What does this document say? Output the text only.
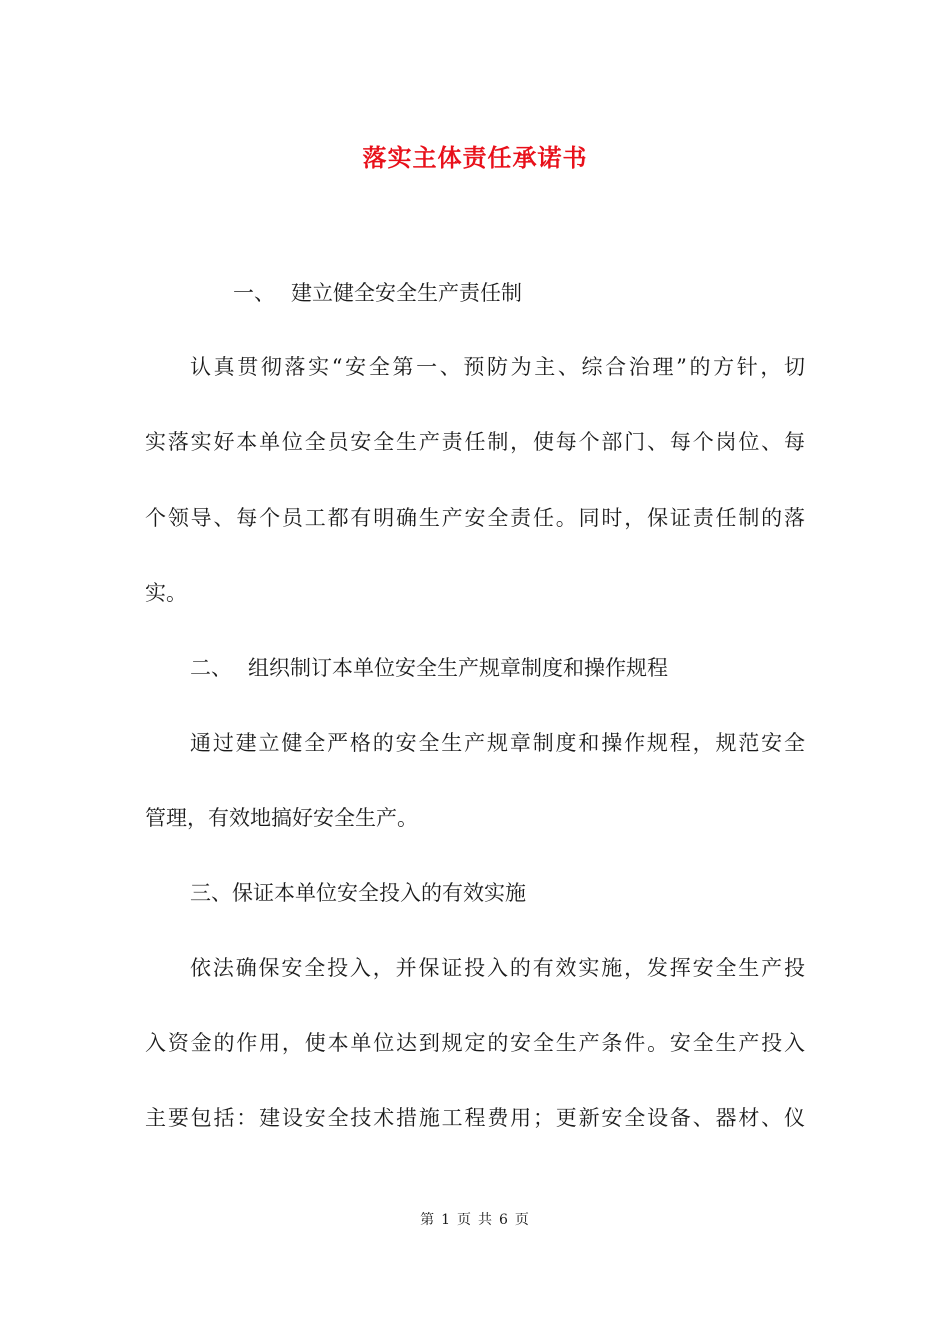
落实主体责任承诺书
一、 建立健全安全生产责任制
认真贯彻落实“安全第一、预防为主、综合治理”的方针，切
实落实好本单位全员安全生产责任制，使每个部门、每个岗位、每
个领导、每个员工都有明确生产安全责任。同时，保证责任制的落
实。
二、 组织制订本单位安全生产规章制度和操作规程
通过建立健全严格的安全生产规章制度和操作规程，规范安全
管理，有效地搞好安全生产。
三、保证本单位安全投入的有效实施
依法确保安全投入，并保证投入的有效实施，发挥安全生产投
入资金的作用，使本单位达到规定的安全生产条件。安全生产投入
主要包括：建设安全技术措施工程费用；更新安全设备、器材、仪
第 1 页 共 6 页
